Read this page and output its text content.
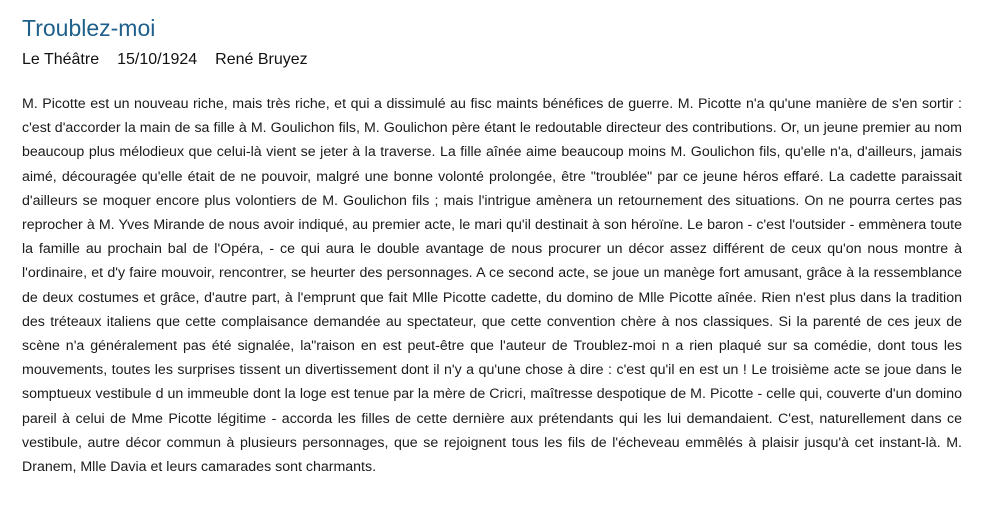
Troublez-moi
Le Théâtre 15/10/1924 René Bruyez

M. Picotte est un nouveau riche, mais très riche, et qui a dissimulé au fisc maints bénéfices de guerre. M. Picotte n'a qu'une manière de s'en sortir : c'est d'accorder la main de sa fille à M. Goulichon fils, M. Goulichon père étant le redoutable directeur des contributions. Or, un jeune premier au nom beaucoup plus mélodieux que celui-là vient se jeter à la traverse. La fille aînée aime beaucoup moins M. Goulichon fils, qu'elle n'a, d'ailleurs, jamais aimé, découragée qu'elle était de ne pouvoir, malgré une bonne volonté prolongée, être "troublée" par ce jeune héros effaré. La cadette paraissait d'ailleurs se moquer encore plus volontiers de M. Goulichon fils ; mais l'intrigue amènera un retournement des situations. On ne pourra certes pas reprocher à M. Yves Mirande de nous avoir indiqué, au premier acte, le mari qu'il destinait à son héroïne. Le baron - c'est l'outsider - emmènera toute la famille au prochain bal de l'Opéra, - ce qui aura le double avantage de nous procurer un décor assez différent de ceux qu'on nous montre à l'ordinaire, et d'y faire mouvoir, rencontrer, se heurter des personnages. A ce second acte, se joue un manège fort amusant, grâce à la ressemblance de deux costumes et grâce, d'autre part, à l'emprunt que fait Mlle Picotte cadette, du domino de Mlle Picotte aînée. Rien n'est plus dans la tradition des tréteaux italiens que cette complaisance demandée au spectateur, que cette convention chère à nos classiques. Si la parenté de ces jeux de scène n'a généralement pas été signalée, la"raison en est peut-être que l'auteur de Troublez-moi n a rien plaqué sur sa comédie, dont tous les mouvements, toutes les surprises tissent un divertissement dont il n'y a qu'une chose à dire : c'est qu'il en est un ! Le troisième acte se joue dans le somptueux vestibule d un immeuble dont la loge est tenue par la mère de Cricri, maîtresse despotique de M. Picotte - celle qui, couverte d'un domino pareil à celui de Mme Picotte légitime - accorda les filles de cette dernière aux prétendants qui les lui demandaient. C'est, naturellement dans ce vestibule, autre décor commun à plusieurs personnages, que se rejoignent tous les fils de l'écheveau emmêlés à plaisir jusqu'à cet instant-là. M. Dranem, Mlle Davia et leurs camarades sont charmants.
